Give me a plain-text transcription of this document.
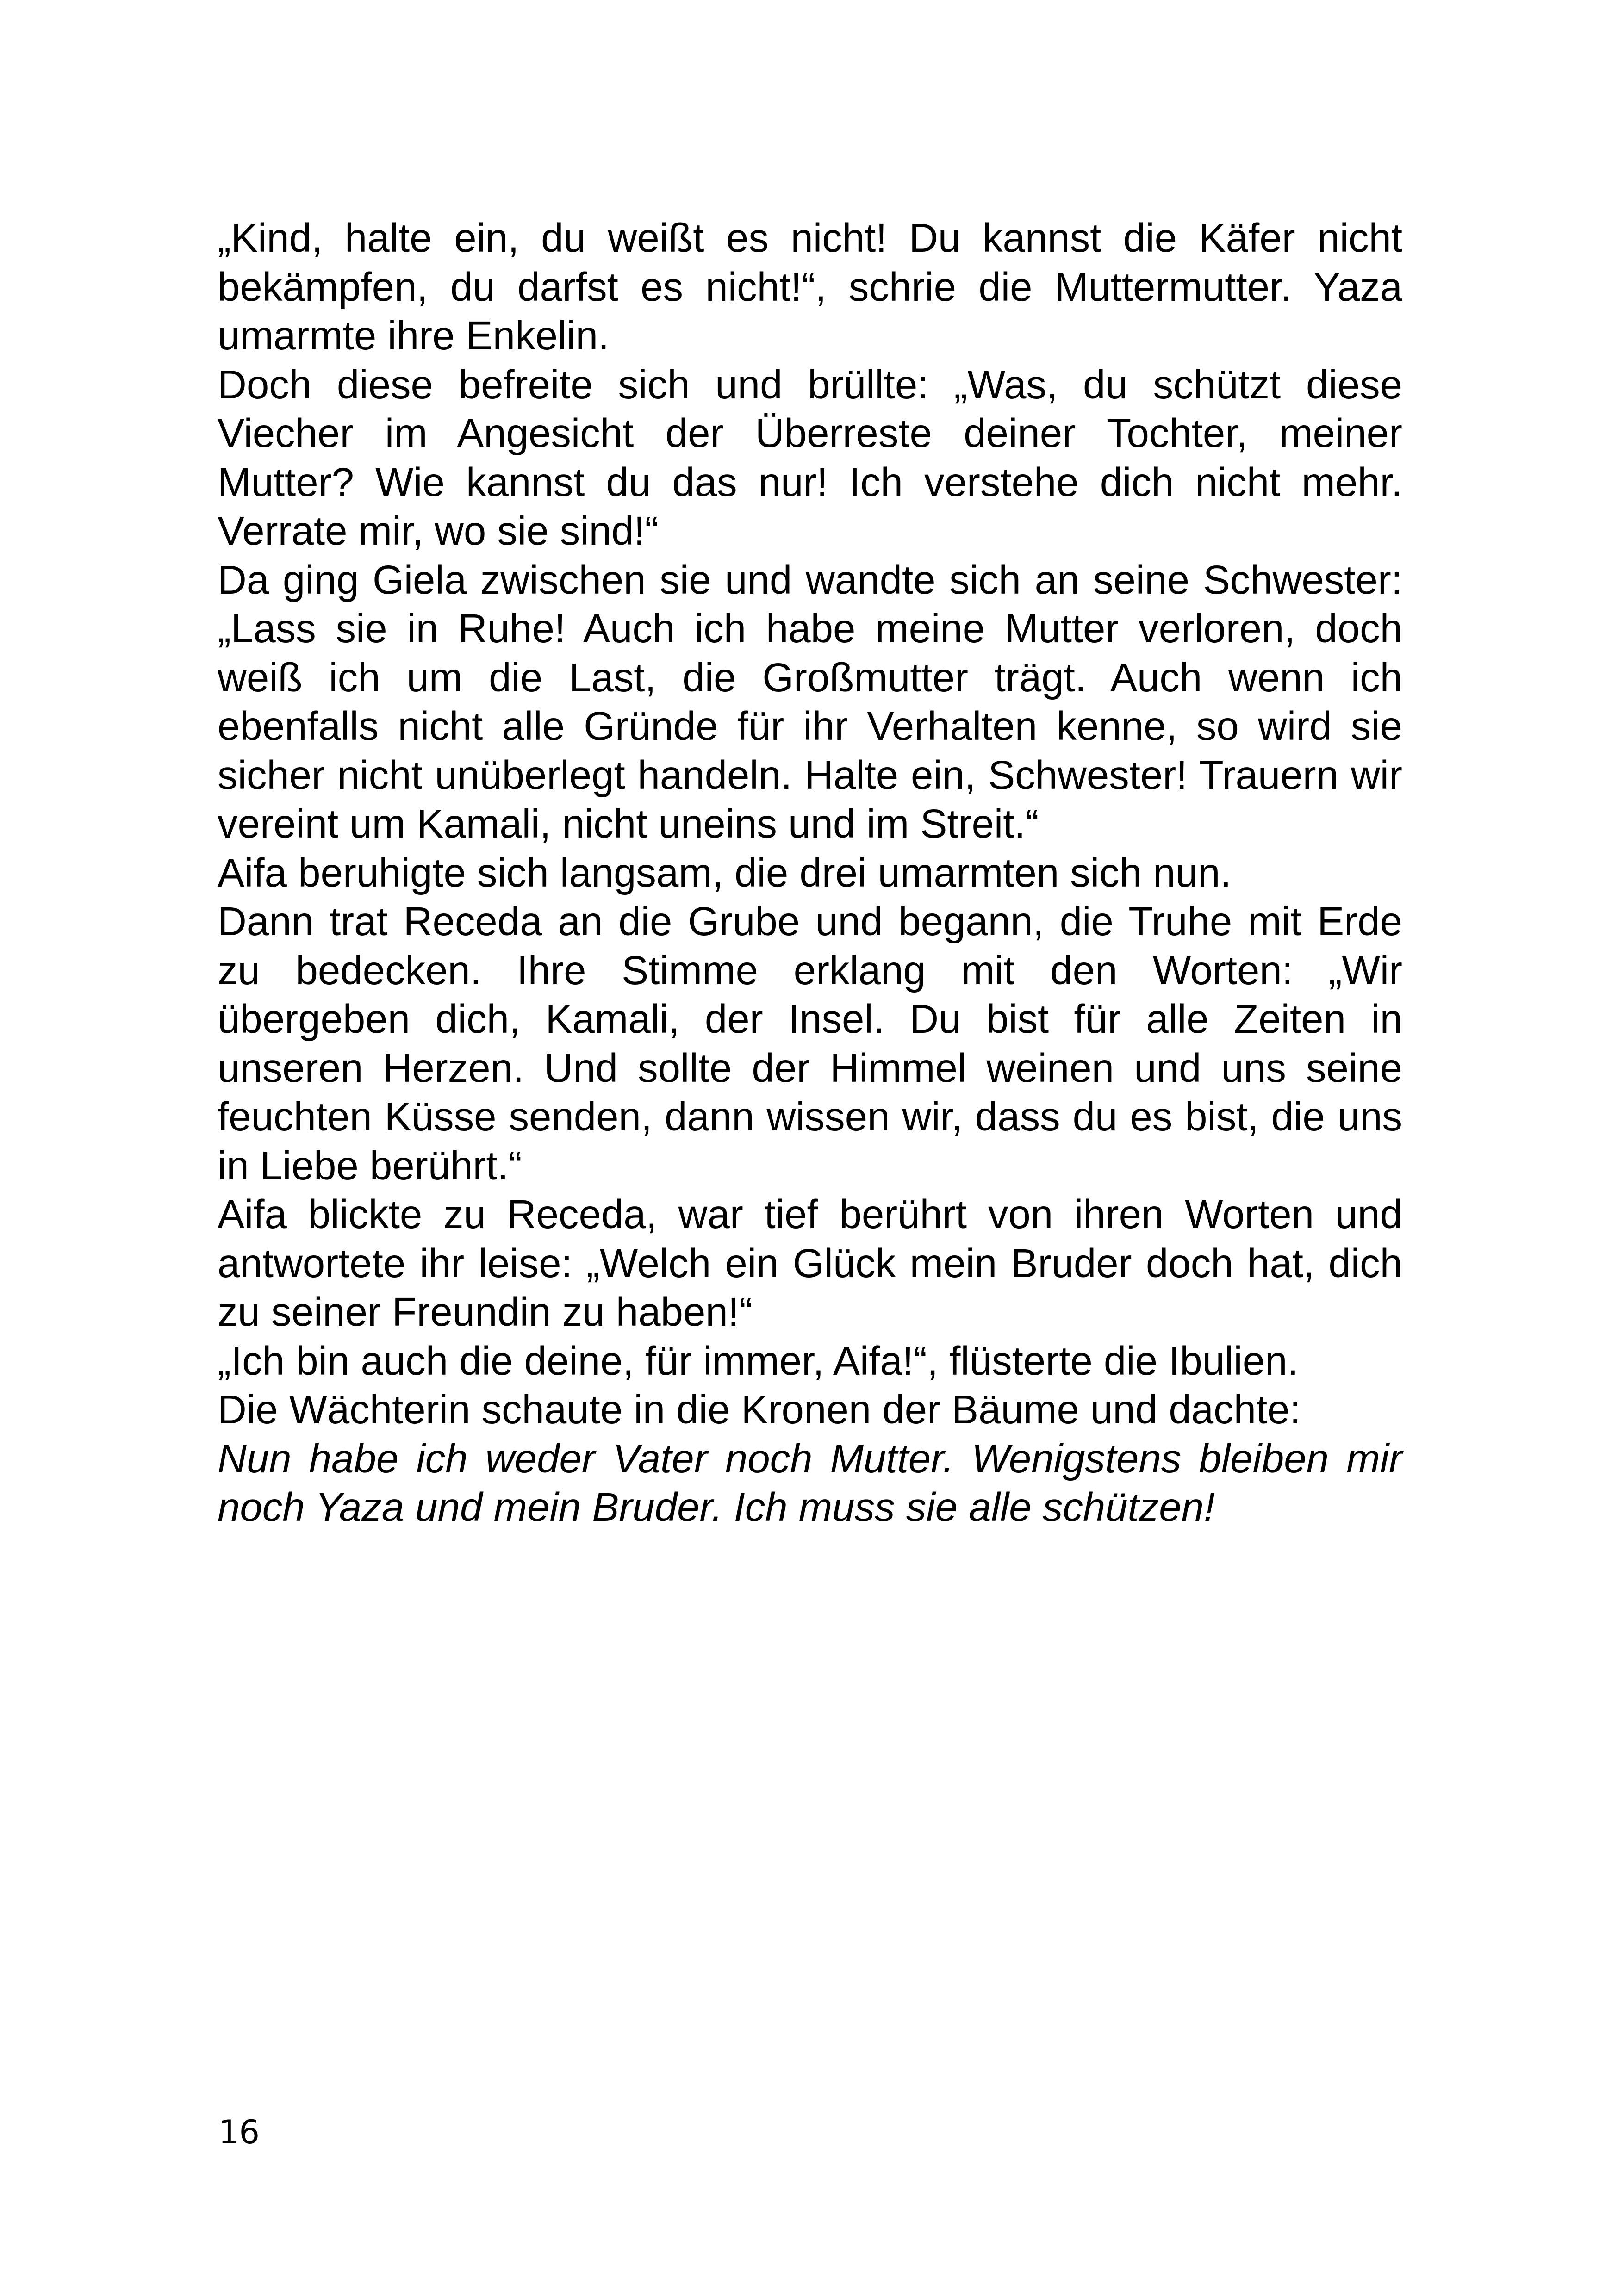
„Kind, halte ein, du weißt es nicht! Du kannst die Käfer nicht bekämpfen, du darfst es nicht!“, schrie die Muttermutter. Yaza umarmte ihre Enkelin.

Doch diese befreite sich und brüllte: „Was, du schützt diese Viecher im Angesicht der Überreste deiner Tochter, meiner Mutter? Wie kannst du das nur! Ich verstehe dich nicht mehr. Verrate mir, wo sie sind!“

Da ging Giela zwischen sie und wandte sich an seine Schwester: „Lass sie in Ruhe! Auch ich habe meine Mutter verloren, doch weiß ich um die Last, die Großmutter trägt. Auch wenn ich ebenfalls nicht alle Gründe für ihr Verhalten kenne, so wird sie sicher nicht unüberlegt handeln. Halte ein, Schwester! Trauern wir vereint um Kamali, nicht uneins und im Streit.“

Aifa beruhigte sich langsam, die drei umarmten sich nun.

Dann trat Receda an die Grube und begann, die Truhe mit Erde zu bedecken. Ihre Stimme erklang mit den Worten: „Wir übergeben dich, Kamali, der Insel. Du bist für alle Zeiten in unseren Herzen. Und sollte der Himmel weinen und uns seine feuchten Küsse senden, dann wissen wir, dass du es bist, die uns in Liebe berührt.“

Aifa blickte zu Receda, war tief berührt von ihren Worten und antwortete ihr leise: „Welch ein Glück mein Bruder doch hat, dich zu seiner Freundin zu haben!“

„Ich bin auch die deine, für immer, Aifa!“, flüsterte die Ibulien.

Die Wächterin schaute in die Kronen der Bäume und dachte:

Nun habe ich weder Vater noch Mutter. Wenigstens bleiben mir noch Yaza und mein Bruder. Ich muss sie alle schützen!

16
